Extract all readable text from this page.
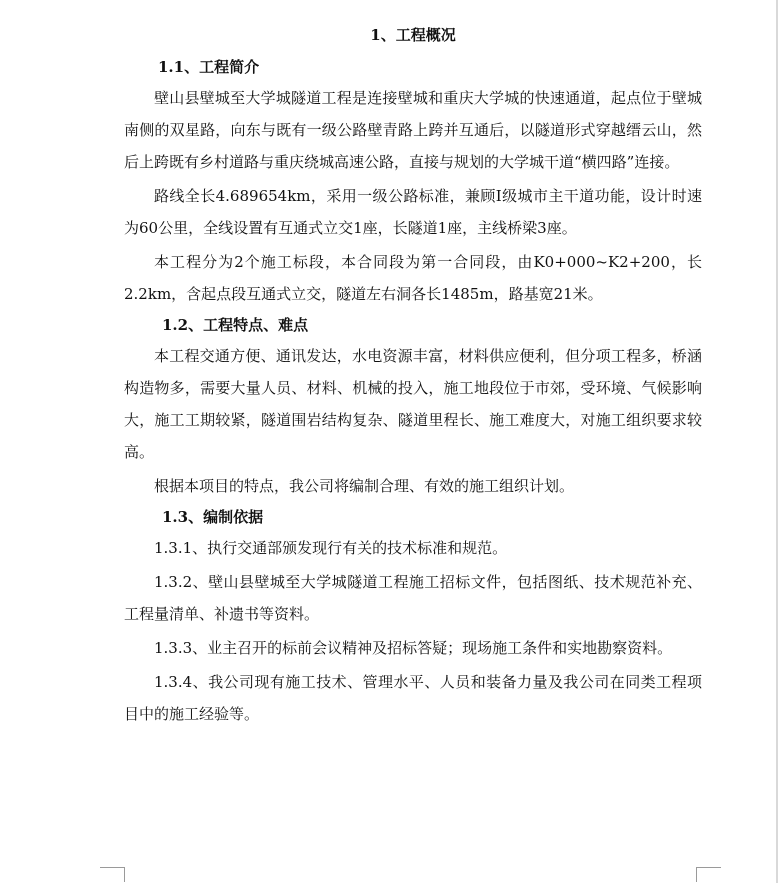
1、工程概况
1.1、工程简介

壁山县壁城至大学城隧道工程是连接壁城和重庆大学城的快速通道，起点位于壁城南侧的双星路，向东与既有一级公路壁青路上跨并互通后，以隧道形式穿越缙云山，然后上跨既有乡村道路与重庆绕城高速公路，直接与规划的大学城干道“横四路”连接。

路线全长4.689654km，采用一级公路标准，兼顾I级城市主干道功能，设计时速为60公里，全线设置有互通式立交1座，长隧道1座，主线桥梁3座。

本工程分为2个施工标段，本合同段为第一合同段，由K0+000~K2+200，长2.2km，含起点段互通式立交，隧道左右洞各长1485m，路基宽21米。

1.2、工程特点、难点

本工程交通方便、通讯发达，水电资源丰富，材料供应便利，但分项工程多，桥涵构造物多，需要大量人员、材料、机械的投入，施工地段位于市郊，受环境、气候影响大，施工工期较紧，隧道围岩结构复杂、隧道里程长、施工难度大，对施工组织要求较高。

根据本项目的特点，我公司将编制合理、有效的施工组织计划。

1.3、编制依据

1.3.1、执行交通部颁发现行有关的技术标准和规范。

1.3.2、壁山县壁城至大学城隧道工程施工招标文件，包括图纸、技术规范补充、工程量清单、补遗书等资料。

1.3.3、业主召开的标前会议精神及招标答疑；现场施工条件和实地勘察资料。

1.3.4、我公司现有施工技术、管理水平、人员和装备力量及我公司在同类工程项目中的施工经验等。
